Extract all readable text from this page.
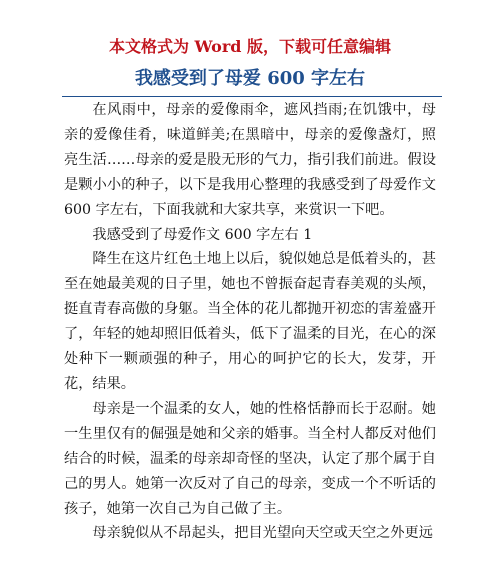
本文格式为 Word 版，下载可任意编辑
我感受到了母爱 600 字左右

在风雨中，母亲的爱像雨伞，遮风挡雨;在饥饿中，母亲的爱像佳肴，味道鲜美;在黑暗中，母亲的爱像盏灯，照亮生活……母亲的爱是股无形的气力，指引我们前进。假设是颗小小的种子，以下是我用心整理的我感受到了母爱作文 600 字左右，下面我就和大家共享，来赏识一下吧。

我感受到了母爱作文 600 字左右 1

降生在这片红色土地上以后，貌似她总是低着头的，甚至在她最美观的日子里，她也不曾振奋起青春美观的头颅，挺直青春高傲的身躯。当全体的花儿都抛开初恋的害羞盛开了，年轻的她却照旧低着头，低下了温柔的目光，在心的深处种下一颗顽强的种子，用心的呵护它的长大，发芽，开花，结果。

母亲是一个温柔的女人，她的性格恬静而长于忍耐。她一生里仅有的倔强是她和父亲的婚事。当全村人都反对他们结合的时候，温柔的母亲却奇怪的坚决，认定了那个属于自己的男人。她第一次反对了自己的母亲，变成一个不听话的孩子，她第一次自己为自己做了主。

母亲貌似从不昂起头，把目光望向天空或天空之外更远
